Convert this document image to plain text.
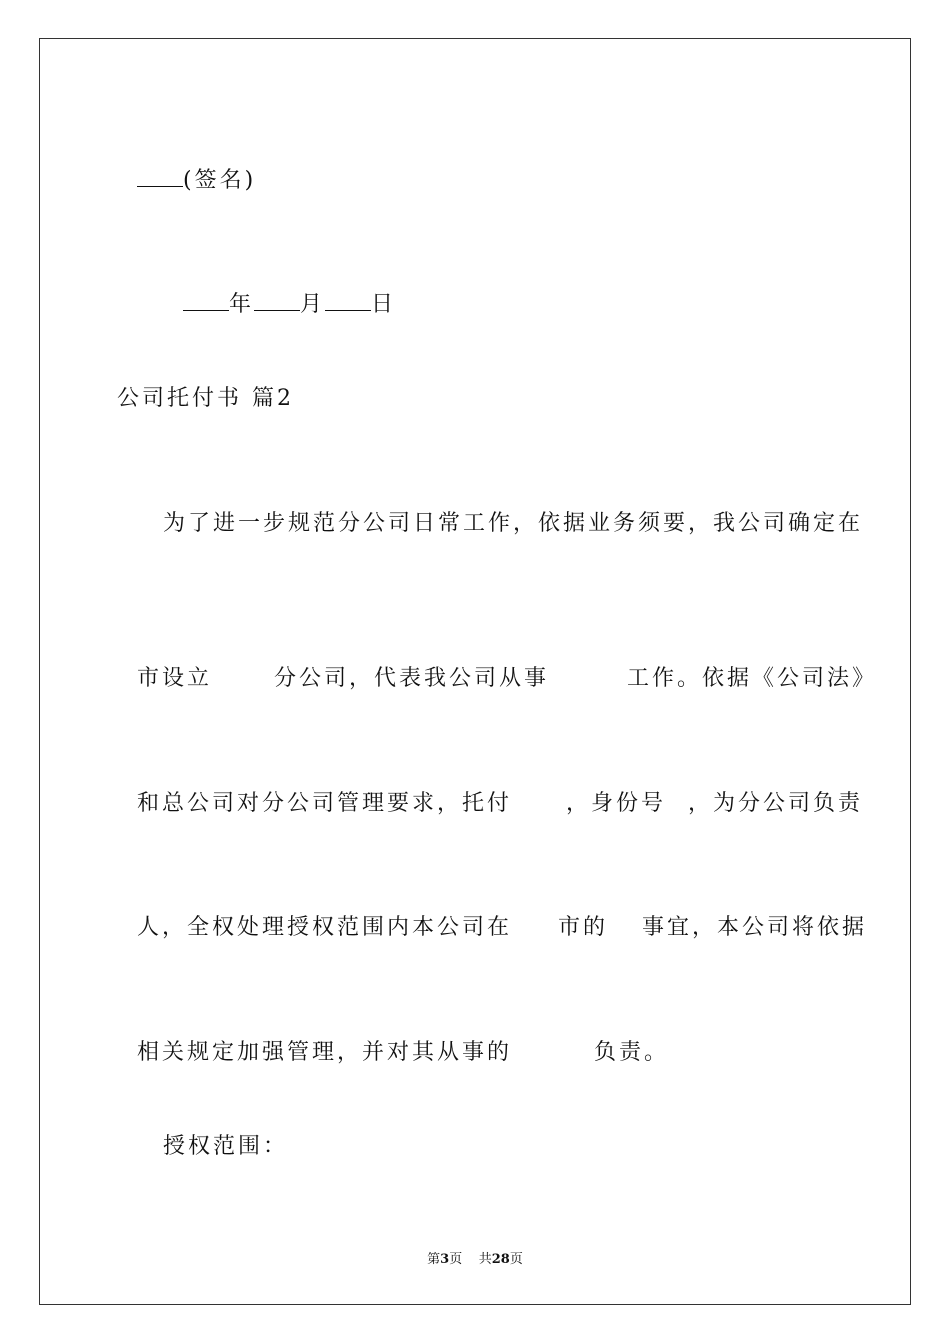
(签名)

年 月 日

公司托付书 篇2
为了进一步规范分公司日常工作，依据业务须要，我公司确定在

市设立	分公司，代表我公司从事	工作。依据《公司法》

和总公司对分公司管理要求，托付 ，身份号 ，为分公司负责

人，全权处理授权范围内本公司在 市的 事宜，本公司将依据

相关规定加强管理，并对其从事的	负责。

授权范围：
第3页 共28页
